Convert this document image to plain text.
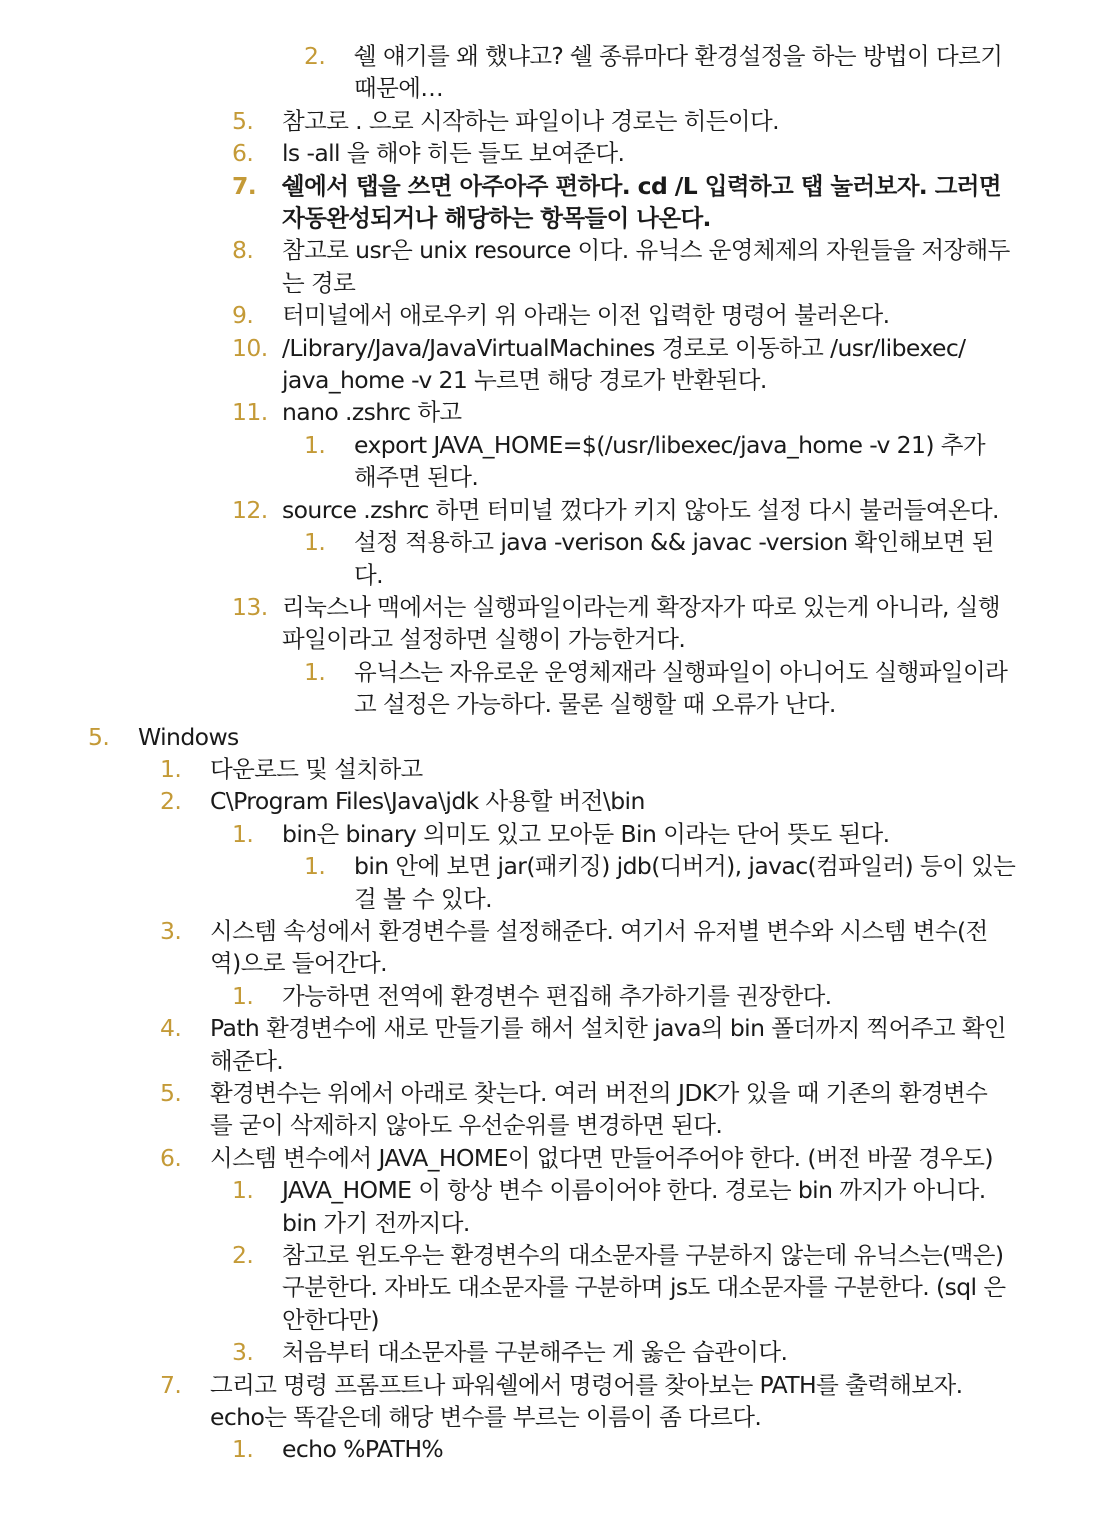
2. 쉘 얘기를 왜 했냐고? 쉘 종류마다 환경설정을 하는 방법이 다르기
때문에…
5. 참고로 . 으로 시작하는 파일이나 경로는 히든이다.
6. ls -all 을 해야 히든 들도 보여준다.
7. 쉘에서 탭을 쓰면 아주아주 편하다. cd /L 입력하고 탭 눌러보자. 그러면
자동완성되거나 해당하는 항목들이 나온다.
8. 참고로 usr은 unix resource 이다. 유닉스 운영체제의 자원들을 저장해두
는 경로
9. 터미널에서 애로우키 위 아래는 이전 입력한 명령어 불러온다.
10. /Library/Java/JavaVirtualMachines 경로로 이동하고 /usr/libexec/
java_home -v 21 누르면 해당 경로가 반환된다.
11. nano .zshrc 하고
1. export JAVA_HOME=$(/usr/libexec/java_home -v 21) 추가
해주면 된다.
12. source .zshrc 하면 터미널 껐다가 키지 않아도 설정 다시 불러들여온다.
1. 설정 적용하고 java -verison && javac -version 확인해보면 된
다.
13. 리눅스나 맥에서는 실행파일이라는게 확장자가 따로 있는게 아니라, 실행
파일이라고 설정하면 실행이 가능한거다.
1. 유닉스는 자유로운 운영체재라 실행파일이 아니어도 실행파일이라
고 설정은 가능하다. 물론 실행할 때 오류가 난다.
5. Windows
1. 다운로드 및 설치하고
2. C\Program Files\Java\jdk 사용할 버전\bin
1. bin은 binary 의미도 있고 모아둔 Bin 이라는 단어 뜻도 된다.
1. bin 안에 보면 jar(패키징) jdb(디버거), javac(컴파일러) 등이 있는
걸 볼 수 있다.
3. 시스템 속성에서 환경변수를 설정해준다. 여기서 유저별 변수와 시스템 변수(전
역)으로 들어간다.
1. 가능하면 전역에 환경변수 편집해 추가하기를 권장한다.
4. Path 환경변수에 새로 만들기를 해서 설치한 java의 bin 폴더까지 찍어주고 확인
해준다.
5. 환경변수는 위에서 아래로 찾는다. 여러 버전의 JDK가 있을 때 기존의 환경변수
를 굳이 삭제하지 않아도 우선순위를 변경하면 된다.
6. 시스템 변수에서 JAVA_HOME이 없다면 만들어주어야 한다. (버전 바꿀 경우도)
1. JAVA_HOME 이 항상 변수 이름이어야 한다. 경로는 bin 까지가 아니다.
bin 가기 전까지다.
2. 참고로 윈도우는 환경변수의 대소문자를 구분하지 않는데 유닉스는(맥은)
구분한다. 자바도 대소문자를 구분하며 js도 대소문자를 구분한다. (sql 은
안한다만)
3. 처음부터 대소문자를 구분해주는 게 옳은 습관이다.
7. 그리고 명령 프롬프트나 파워쉘에서 명령어를 찾아보는 PATH를 출력해보자.
echo는 똑같은데 해당 변수를 부르는 이름이 좀 다르다.
1. echo %PATH%
